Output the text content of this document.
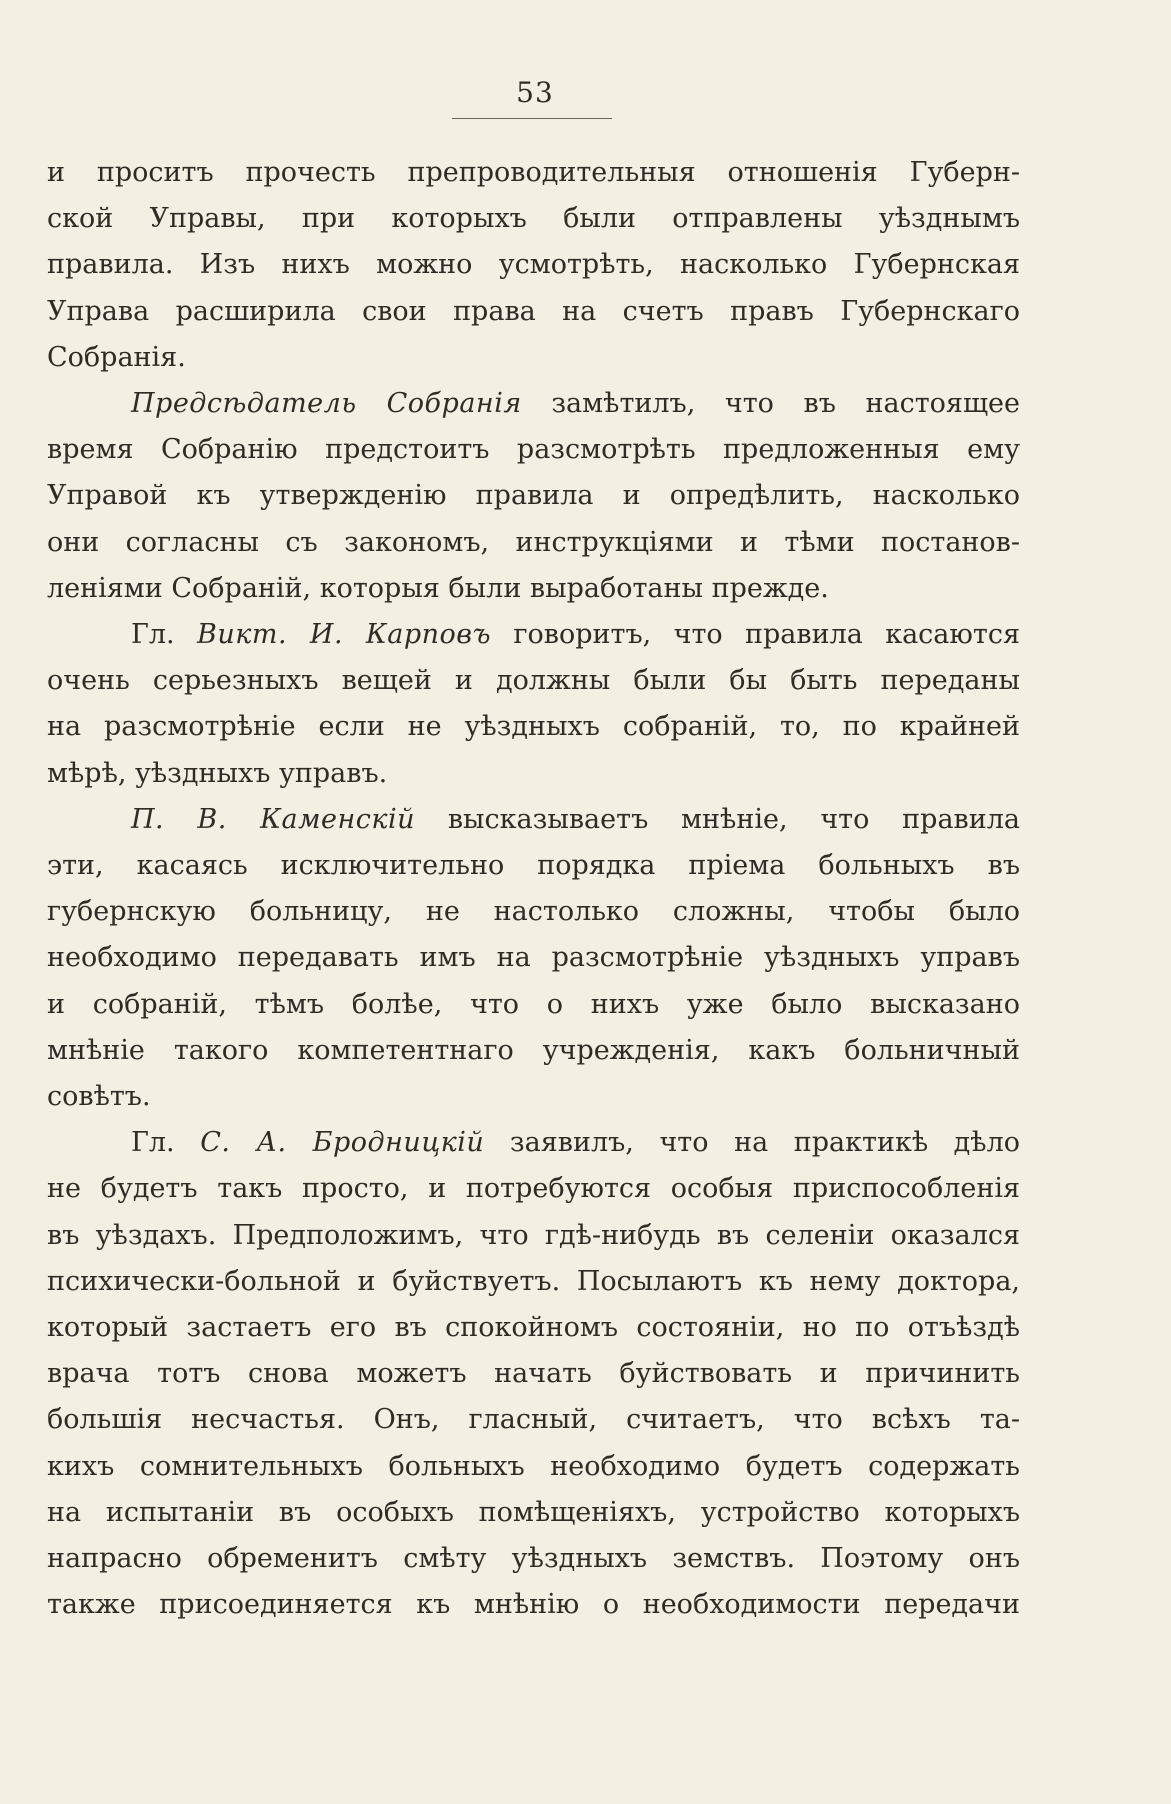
53

и проситъ прочесть препроводительныя отношенія Губерн-
ской Управы, при которыхъ были отправлены уѣзднымъ
правила. Изъ нихъ можно усмотрѣть, насколько Губернская
Управа расширила свои права на счетъ правъ Губернскаго
Собранія.

Предсѣдатель Собранія замѣтилъ, что въ настоящее
время Собранію предстоитъ разсмотрѣть предложенныя ему
Управой къ утвержденію правила и опредѣлить, насколько
они согласны съ закономъ, инструкціями и тѣми постанов-
леніями Собраній, которыя были выработаны прежде.

Гл. Викт. И. Карповъ говоритъ, что правила касаются
очень серьезныхъ вещей и должны были бы быть переданы
на разсмотрѣніе если не уѣздныхъ собраній, то, по крайней
мѣрѣ, уѣздныхъ управъ.

П. В. Каменскій высказываетъ мнѣніе, что правила
эти, касаясь исключительно порядка пріема больныхъ въ
губернскую больницу, не настолько сложны, чтобы было
необходимо передавать имъ на разсмотрѣніе уѣздныхъ управъ
и собраній, тѣмъ болѣе, что о нихъ уже было высказано
мнѣніе такого компетентнаго учрежденія, какъ больничный
совѣтъ.

Гл. С. А. Бродницкій заявилъ, что на практикѣ дѣло
не будетъ такъ просто, и потребуются особыя приспособленія
въ уѣздахъ. Предположимъ, что гдѣ-нибудь въ селеніи оказался
психически-больной и буйствуетъ. Посылаютъ къ нему доктора,
который застаетъ его въ спокойномъ состояніи, но по отъѣздѣ
врача тотъ снова можетъ начать буйствовать и причинить
большія несчастья. Онъ, гласный, считаетъ, что всѣхъ та-
кихъ сомнительныхъ больныхъ необходимо будетъ содержать
на испытаніи въ особыхъ помѣщеніяхъ, устройство которыхъ
напрасно обременитъ смѣту уѣздныхъ земствъ. Поэтому онъ
также присоединяется къ мнѣнію о необходимости передачи
